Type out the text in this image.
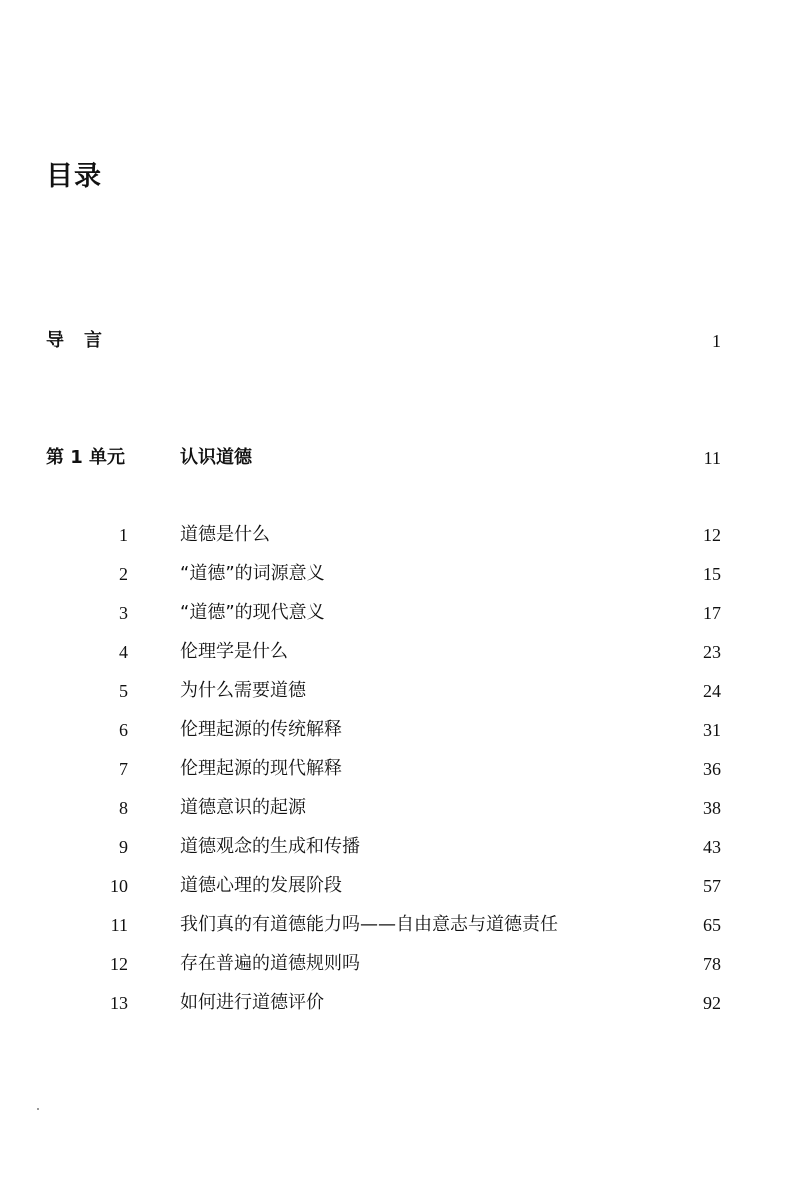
目录
导言	1
第 1 单元	认识道德	11
1	道德是什么	12
2	“道德”的词源意义	15
3	“道德”的现代意义	17
4	伦理学是什么	23
5	为什么需要道德	24
6	伦理起源的传统解释	31
7	伦理起源的现代解释	36
8	道德意识的起源	38
9	道德观念的生成和传播	43
10	道德心理的发展阶段	57
11	我们真的有道德能力吗——自由意志与道德责任	65
12	存在普遍的道德规则吗	78
13	如何进行道德评价	92
